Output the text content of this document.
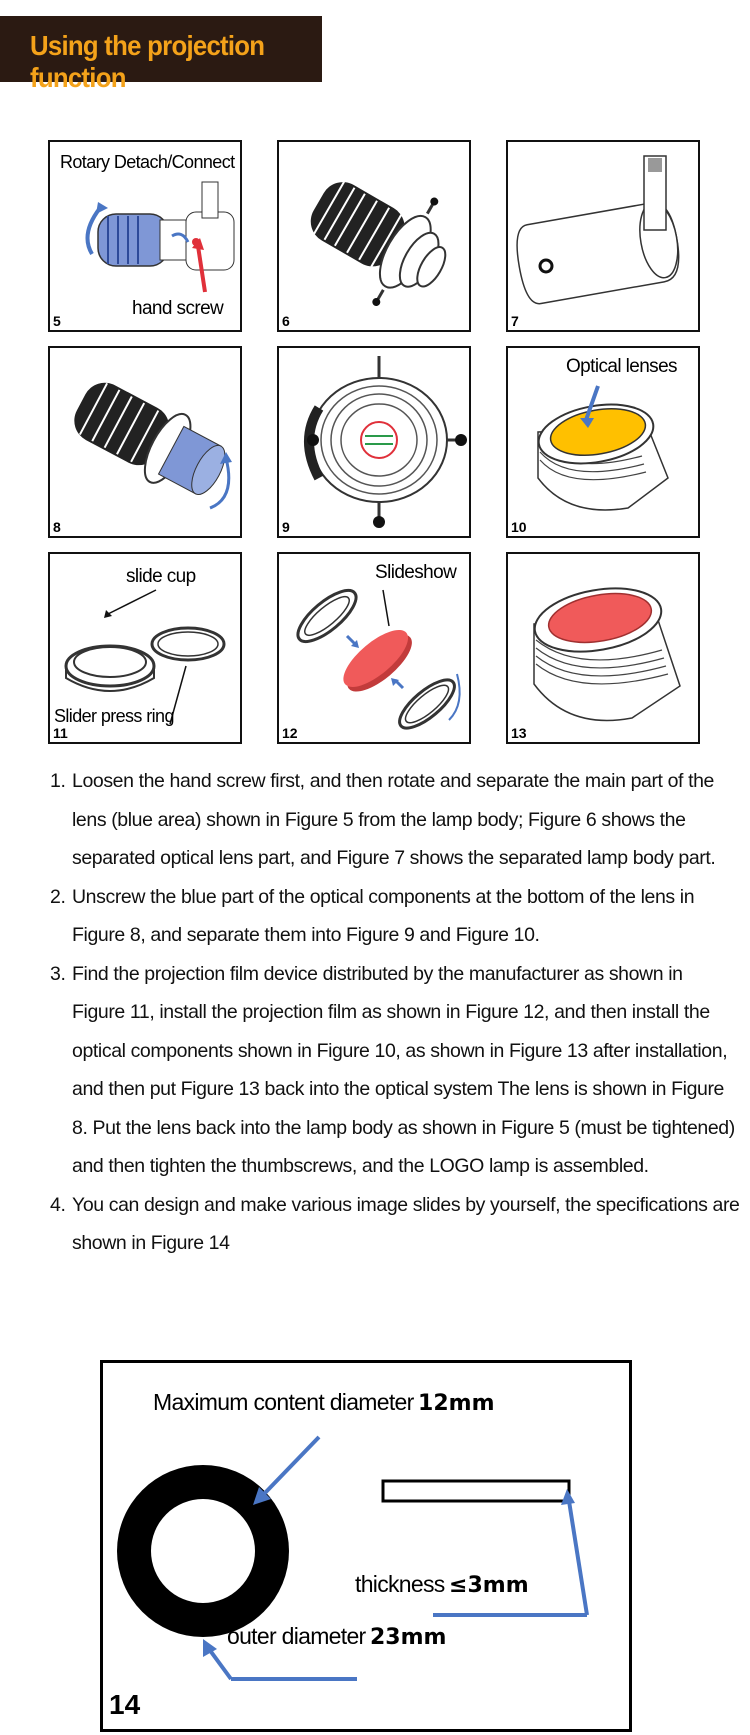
Using the projection function
Rotary Detach/Connect
hand screw
5	6	7
8	9
Optical lenses
10
slide cup
Slider press ring
11
Slideshow
12	13
1. Loosen the hand screw first, and then rotate and separate the main part of the lens (blue area) shown in Figure 5 from the lamp body; Figure 6 shows the separated optical lens part, and Figure 7 shows the separated lamp body part.
2. Unscrew the blue part of the optical components at the bottom of the lens in Figure 8, and separate them into Figure 9 and Figure 10.
3. Find the projection film device distributed by the manufacturer as shown in Figure 11, install the projection film as shown in Figure 12, and then install the optical components shown in Figure 10, as shown in Figure 13 after installation, and then put Figure 13 back into the optical system The lens is shown in Figure 8. Put the lens back into the lamp body as shown in Figure 5 (must be tightened) and then tighten the thumbscrews, and the LOGO lamp is assembled.
4. You can design and make various image slides by yourself, the specifications are shown in Figure 14
Maximum content diameter 12mm
thickness ≤3mm
outer diameter 23mm
14
